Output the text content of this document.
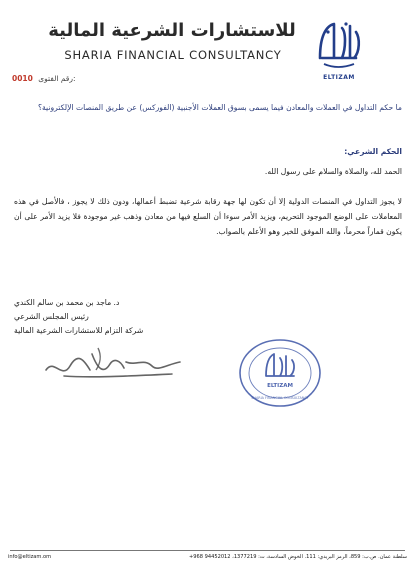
ELTIZAM
للاستشارات الشرعية المالية
SHARIA FINANCIAL CONSULTANCY
0010 رقم الفتوى:
ما حكم التداول في العملات والمعادن فيما يسمى بسوق العملات الأجنبية (الفوركس) عن طريق المنصات الإلكترونية؟
الحكم الشرعي:
الحمد لله، والصلاة والسلام على رسول الله.
لا يجوز التداول في المنصات الدولية إلا أن تكون لها جهة رقابة شرعية تضبط أعمالها، ودون ذلك لا يجوز ، فالأصل في هذه المعاملات على الوضع الموجود التحريم، ويزيد الأمر سوءا أن السلع فيها من معادن وذهب غير موجودة فلا يزيد الأمر على أن يكون قماراً محرماً، والله الموفق للخير وهو الأعلم بالصواب.
د. ماجد بن محمد بن سالم الكندي
رئيس المجلس الشرعي
شركة التزام للاستشارات الشرعية المالية
ELTIZAM
SHARIA FINANCIAL CONSULTANCY
info@eltizam.om	سلطنة عمان. ص.ب: 859، الرمز البريدي: 111. الخوض السادسة، ت: 1377219، 94452012 968+
